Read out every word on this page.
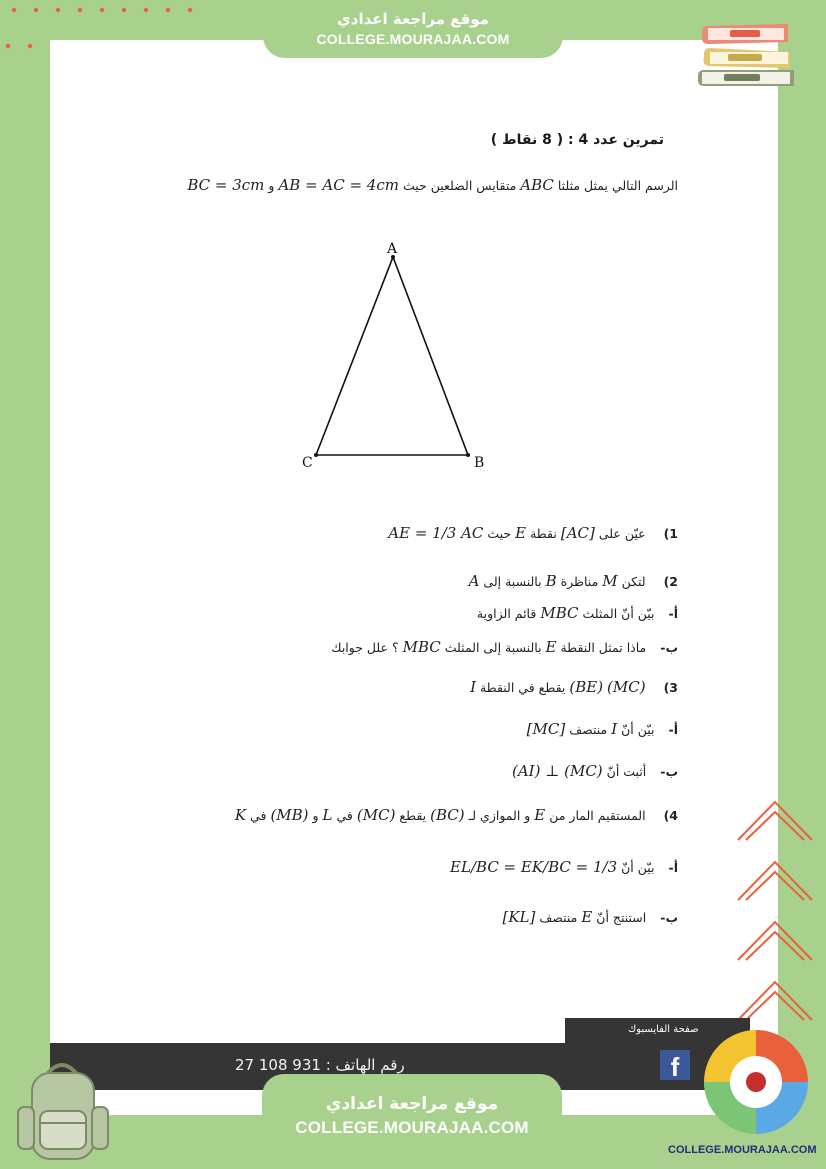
موقع مراجعة اعدادي
COLLEGE.MOURAJAA.COM
تمرين عدد 4 : ( 8 نقاط )
الرسم التالي يمثل مثلثا ABC متقايس الضلعين حيث AB = AC = 4cm و BC = 3cm
A
C	B
1) عيّن على [AC] نقطة E حيث AE = 1/3 AC
2) لتكن M مناظرة B بالنسبة إلى A
أ- بيّن أنّ المثلث MBC قائم الزاوية
ب- ماذا تمثل النقطة E بالنسبة إلى المثلث MBC ؟ علل جوابك
3) (BE) (MC) يقطع في النقطة I
أ- بيّن أنّ I منتصف [MC]
ب- أثبت أنّ (AI) ⊥ (MC)
4) المستقيم المار من E و الموازي لـ (BC) يقطع (MC) في L و (MB) في K
أ- بيّن أنّ EL/BC = EK/BC = 1/3
ب- استنتج أنّ E منتصف [KL]
رقم الهاتف : 931 108 27
صفحة الفايسبوك
f
COLLEGE.MOURAJAA.COM
موقع مراجعة اعدادي
COLLEGE.MOURAJAA.COM
